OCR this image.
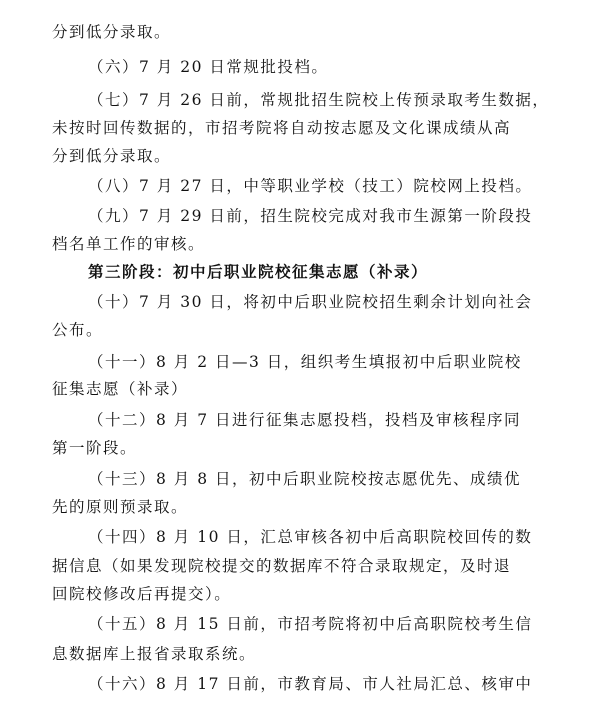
分到低分录取。
（六）7 月 20 日常规批投档。
（七）7 月 26 日前，常规批招生院校上传预录取考生数据，
未按时回传数据的，市招考院将自动按志愿及文化课成绩从高
分到低分录取。
（八）7 月 27 日，中等职业学校（技工）院校网上投档。
（九）7 月 29 日前，招生院校完成对我市生源第一阶段投
档名单工作的审核。
第三阶段：初中后职业院校征集志愿（补录）
（十）7 月 30 日，将初中后职业院校招生剩余计划向社会
公布。
（十一）8 月 2 日—3 日，组织考生填报初中后职业院校
征集志愿（补录）
（十二）8 月 7 日进行征集志愿投档，投档及审核程序同
第一阶段。
（十三）8 月 8 日，初中后职业院校按志愿优先、成绩优
先的原则预录取。
（十四）8 月 10 日，汇总审核各初中后高职院校回传的数
据信息（如果发现院校提交的数据库不符合录取规定，及时退
回院校修改后再提交）。
（十五）8 月 15 日前，市招考院将初中后高职院校考生信
息数据库上报省录取系统。
（十六）8 月 17 日前，市教育局、市人社局汇总、核审中
